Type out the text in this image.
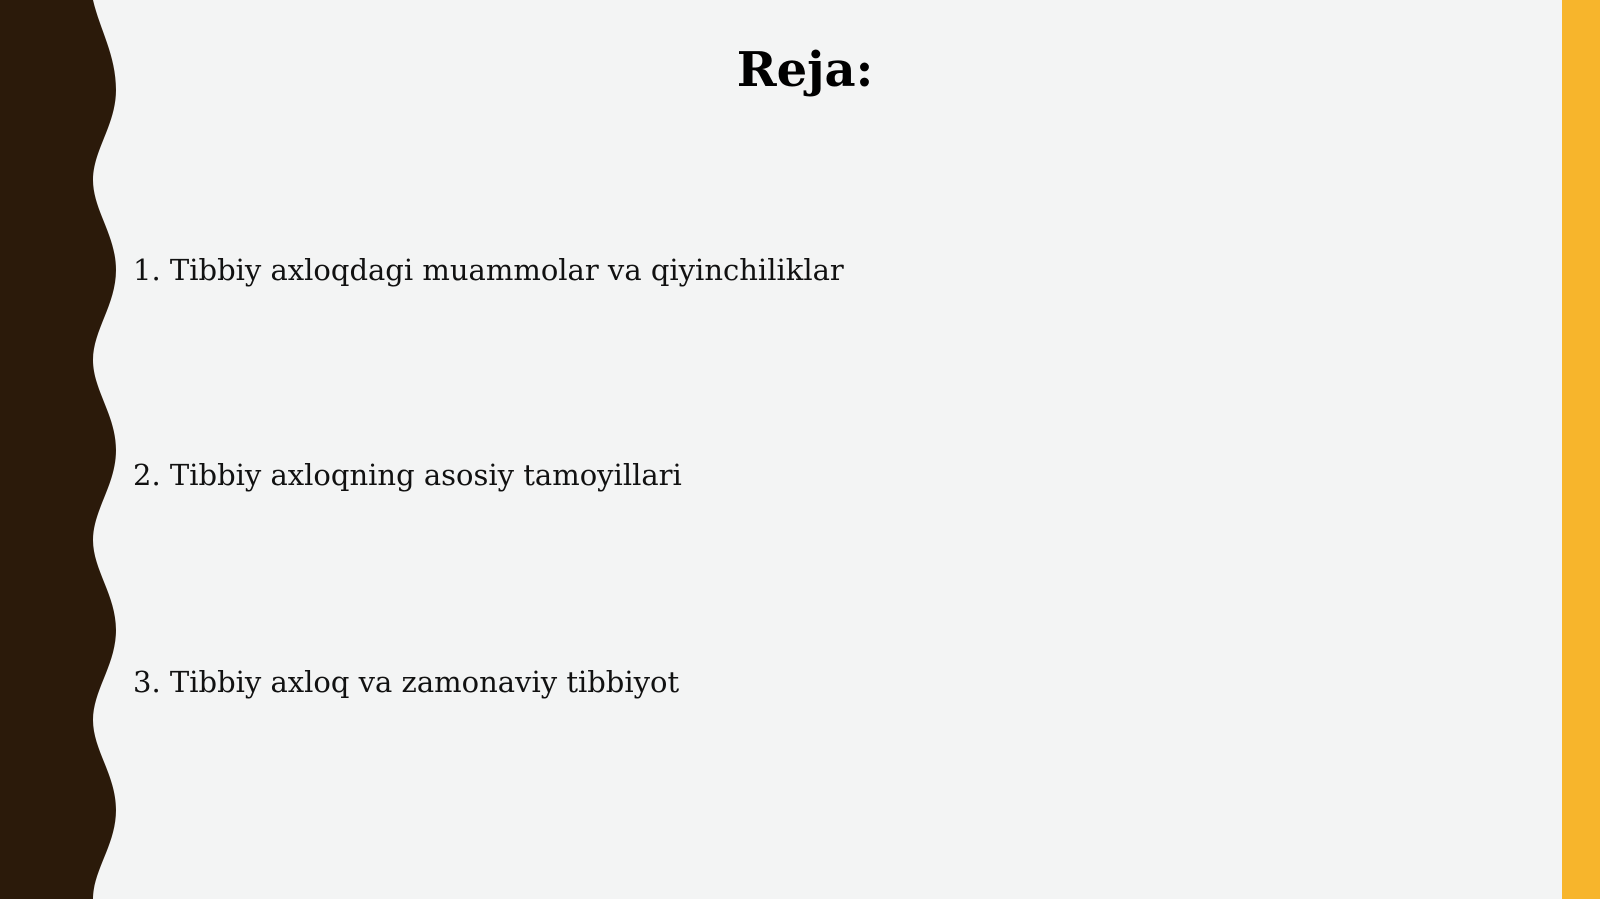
Reja:
1. Tibbiy axloqdagi muammolar va qiyinchiliklar
2. Tibbiy axloqning asosiy tamoyillari
3. Tibbiy axloq va zamonaviy tibbiyot
